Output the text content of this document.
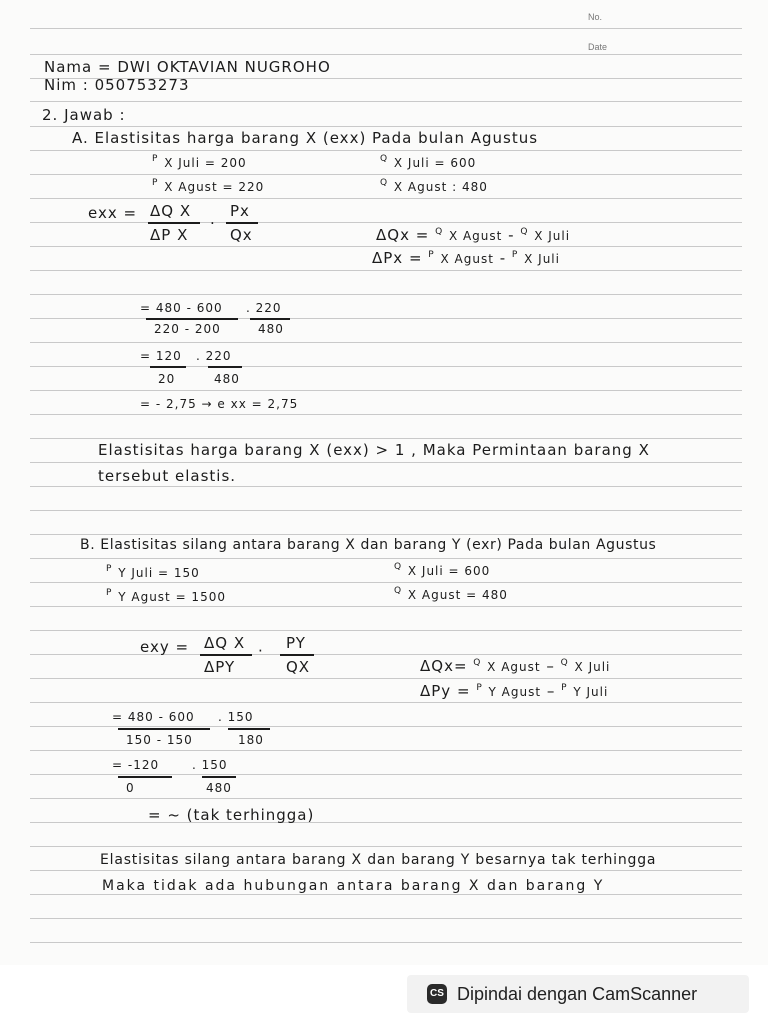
No.
Date
Nama = DWI OKTAVIAN NUGROHO
Nim : 050753273
2. Jawab :
A. Elastisitas harga barang X (exx) Pada bulan Agustus
$^P$ X Juli = 200
$^P$ X Agust = 220
$^Q$ X Juli = 600
$^Q$ X Agust : 480
exx = ΔQ X
ΔP X
. Px
Qx	ΔQx = $^Q$ X Agust - $^Q$ X Juli
ΔPx = $^P$ X Agust - $^P$ X Juli
= 480 - 600
220 - 200
. 220
480
= 120
20
. 220
480
= - 2,75 → e xx = 2,75
Elastisitas harga barang X (exx) > 1 , Maka Permintaan barang X
tersebut elastis.
B. Elastisitas silang antara barang X dan barang Y (exr) Pada bulan Agustus
$^P$ Y Juli = 150
$^P$ Y Agust = 1500
$^Q$ X Juli = 600
$^Q$ X Agust = 480
exy = ΔQ X
ΔPY
· PY
QX	ΔQx= $^Q$ X Agust – $^Q$ X Juli
ΔPy = $^P$ Y Agust – $^P$ Y Juli
= 480 - 600
150 - 150
. 150
180
= -120
0
. 150
480
= ~ (tak terhingga)
Elastisitas silang antara barang X dan barang Y besarnya tak terhingga
Maka tidak ada hubungan antara barang X dan barang Y
CS Dipindai dengan CamScanner
